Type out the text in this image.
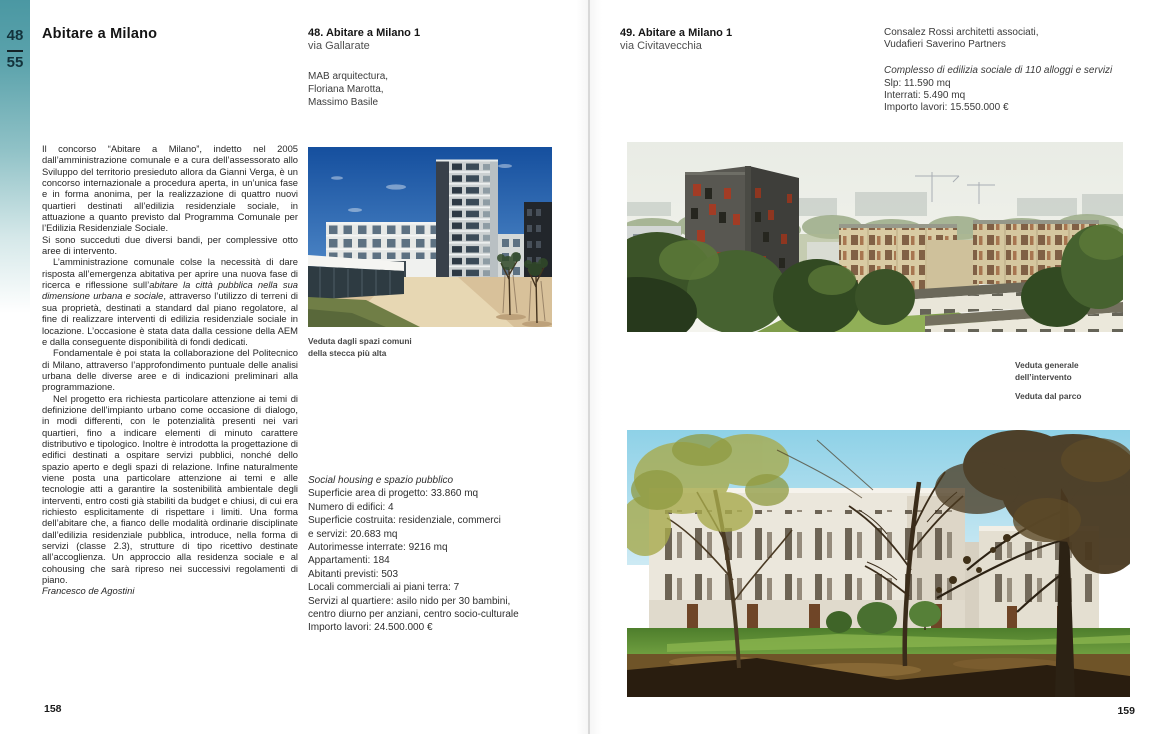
48
55
Abitare a Milano

Il concorso “Abitare a Milano”, indetto nel 2005 dall’amministrazione comunale e a cura dell’assessorato allo Sviluppo del territorio presieduto allora da Gianni Verga, è un concorso internazionale a procedura aperta, in un’unica fase e in forma anonima, per la realizzazione di quattro nuovi quartieri destinati all’edilizia residenziale sociale, in attuazione a quanto previsto dal Programma Comunale per l’Edilizia Residenziale Sociale.

Si sono succeduti due diversi bandi, per complessive otto aree di intervento.

L’amministrazione comunale colse la necessità di dare risposta all’emergenza abitativa per aprire una nuova fase di ricerca e riflessione sull’abitare la città pubblica nella sua dimensione urbana e sociale, attraverso l’utilizzo di terreni di sua proprietà, destinati a standard dal piano regolatore, al fine di realizzare interventi di edilizia residenziale sociale in locazione. L’occasione è stata data dalla cessione della AEM e dalla conseguente disponibilità di fondi dedicati.

Fondamentale è poi stata la collaborazione del Politecnico di Milano, attraverso l’approfondimento puntuale delle analisi urbana delle diverse aree e di indicazioni preliminari alla programmazione.

Nel progetto era richiesta particolare attenzione ai temi di definizione dell’impianto urbano come occasione di dialogo, in modi differenti, con le potenzialità presenti nei vari quartieri, fino a indicare elementi di minuto carattere distributivo e tipologico. Inoltre è introdotta la progettazione di edifici destinati a ospitare servizi pubblici, nonché dello spazio aperto e degli spazi di relazione. Infine naturalmente viene posta una particolare attenzione ai temi e alle tecnologie atti a garantire la sostenibilità ambientale degli interventi, entro costi già stabiliti da budget e chiusi, di cui era richiesto esplicitamente di rispettare i limiti. Una forma dell’abitare che, a fianco delle modalità ordinarie disciplinate dall’edilizia residenziale pubblica, introduce, nella forma di servizi (classe 2.3), strutture di tipo ricettivo destinate all’accoglienza. Un approccio alla residenza sociale e al cohousing che sarà ripreso nei successivi regolamenti di piano.

Francesco de Agostini

48. Abitare a Milano 1
via Gallarate
MAB arquitectura,
Floriana Marotta,
Massimo Basile
Veduta dagli spazi comuni
della stecca più alta
Social housing e spazio pubblico
Superficie area di progetto: 33.860 mq
Numero di edifici: 4
Superficie costruita: residenziale, commerci
e servizi: 20.683 mq
Autorimesse interrate: 9216 mq
Appartamenti: 184
Abitanti previsti: 503
Locali commerciali ai piani terra: 7
Servizi al quartiere: asilo nido per 30 bambini,
centro diurno per anziani, centro socio-culturale
Importo lavori: 24.500.000 €
158
49. Abitare a Milano 1
via Civitavecchia
Consalez Rossi architetti associati,
Vudafieri Saverino Partners
Complesso di edilizia sociale di 110 alloggi e servizi
Slp: 11.590 mq
Interrati: 5.490 mq
Importo lavori: 15.550.000 €
Veduta generale
dell’intervento
Veduta dal parco
159
